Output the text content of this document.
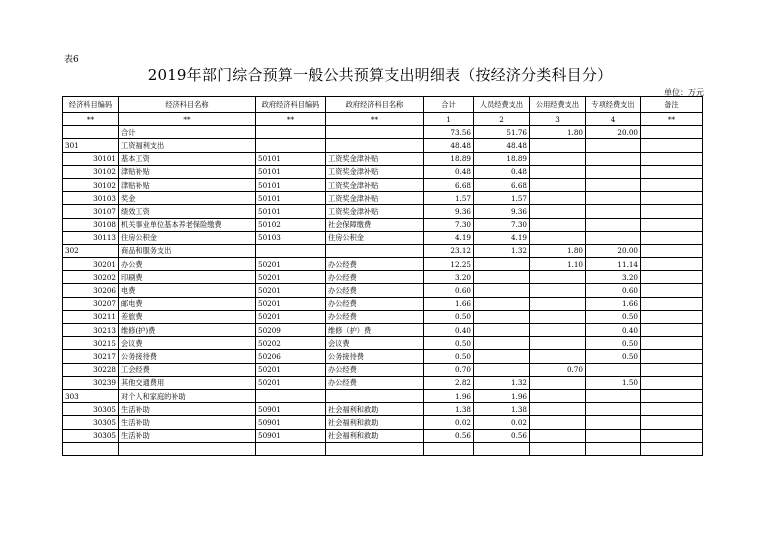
表6
2019年部门综合预算一般公共预算支出明细表（按经济分类科目分）
单位：万元
经济科目编码	经济科目名称	政府经济科目编码	政府经济科目名称	合计	人员经费支出	公用经费支出	专项经费支出	备注
**	**	**	**	1	2	3	4	**
	合计			73.56	51.76	1.80	20.00	
301	工资福利支出			48.48	48.48			
30101	基本工资	50101	工资奖金津补贴	18.89	18.89			
30102	津贴补贴	50101	工资奖金津补贴	0.48	0.48			
30102	津贴补贴	50101	工资奖金津补贴	6.68	6.68			
30103	奖金	50101	工资奖金津补贴	1.57	1.57			
30107	绩效工资	50101	工资奖金津补贴	9.36	9.36			
30108	机关事业单位基本养老保险缴费	50102	社会保障缴费	7.30	7.30			
30113	住房公积金	50103	住房公积金	4.19	4.19			
302	商品和服务支出			23.12	1.32	1.80	20.00	
30201	办公费	50201	办公经费	12.25		1.10	11.14	
30202	印刷费	50201	办公经费	3.20			3.20	
30206	电费	50201	办公经费	0.60			0.60	
30207	邮电费	50201	办公经费	1.66			1.66	
30211	差旅费	50201	办公经费	0.50			0.50	
30213	维修(护)费	50209	维修（护）费	0.40			0.40	
30215	会议费	50202	会议费	0.50			0.50	
30217	公务接待费	50206	公务接待费	0.50			0.50	
30228	工会经费	50201	办公经费	0.70		0.70		
30239	其他交通费用	50201	办公经费	2.82	1.32		1.50	
303	对个人和家庭的补助			1.96	1.96			
30305	生活补助	50901	社会福利和救助	1.38	1.38			
30305	生活补助	50901	社会福利和救助	0.02	0.02			
30305	生活补助	50901	社会福利和救助	0.56	0.56			
